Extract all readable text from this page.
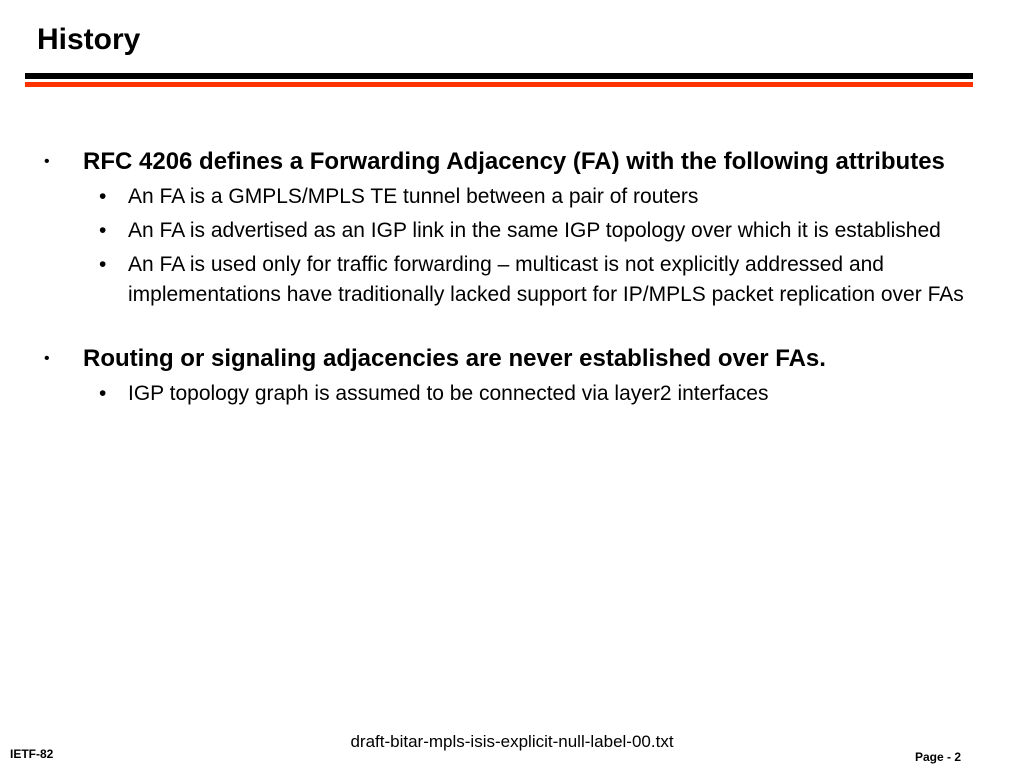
History
• RFC 4206 defines a Forwarding Adjacency (FA) with the following attributes
• An FA is a GMPLS/MPLS TE tunnel between a pair of routers
• An FA is advertised as an IGP link in the same IGP topology over which it is established
• An FA is used only for traffic forwarding – multicast is not explicitly addressed and implementations have traditionally lacked support for IP/MPLS packet replication over FAs
• Routing or signaling adjacencies are never established over FAs.
• IGP topology graph is assumed to be connected via layer2 interfaces
draft-bitar-mpls-isis-explicit-null-label-00.txt
IETF-82	Page - 2
